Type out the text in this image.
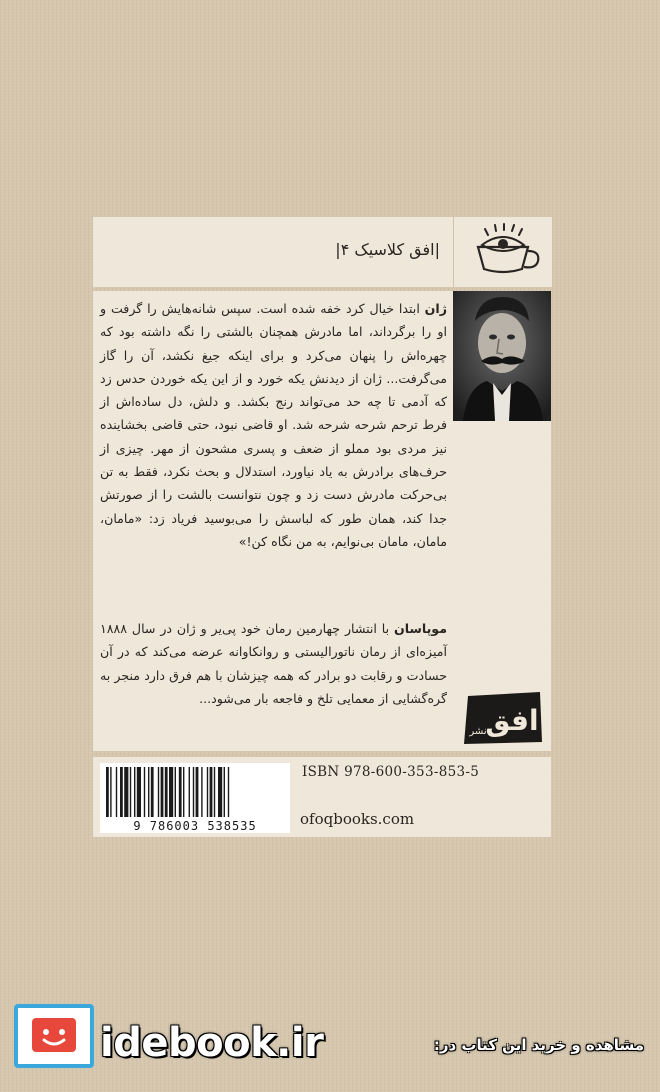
|افق کلاسیک ۴|
ژان ابتدا خیال کرد خفه شده است. سپس شانه‌هایش را گرفت و او را برگرداند، اما مادرش همچنان بالشتی را نگه داشته بود که چهره‌اش را پنهان می‌کرد و برای اینکه جیغ نکشد، آن را گاز می‌گرفت... ژان از دیدنش یکه خورد و از این یکه خوردن حدس زد که آدمی تا چه حد می‌تواند رنج بکشد. و دلش، دل ساده‌اش از فرط ترحم شرحه شرحه شد. او قاضی نبود، حتی قاضی بخشاینده نیز مردی بود مملو از ضعف و پسری مشحون از مهر. چیزی از حرف‌های برادرش به یاد نیاورد، استدلال و بحث نکرد، فقط به تن بی‌حرکت مادرش دست زد و چون نتوانست بالشت را از صورتش جدا کند، همان طور که لباسش را می‌بوسید فریاد زد: «مامان، مامان، مامان بی‌نوایم، به من نگاه کن!»
موپاسان با انتشار چهارمین رمان خود پی‌یر و ژان در سال ۱۸۸۸ آمیزه‌ای از رمان ناتورالیستی و روانکاوانه عرضه می‌کند که در آن حسادت و رقابت دو برادر که همه چیزشان با هم فرق دارد منجر به گره‌گشایی از معمایی تلخ و فاجعه بار می‌شود...
افق
نشر
9 786003 538535
ISBN 978-600-353-853-5
ofoqbooks.com
idebook.ir	مشاهده و خرید این کتاب در:
